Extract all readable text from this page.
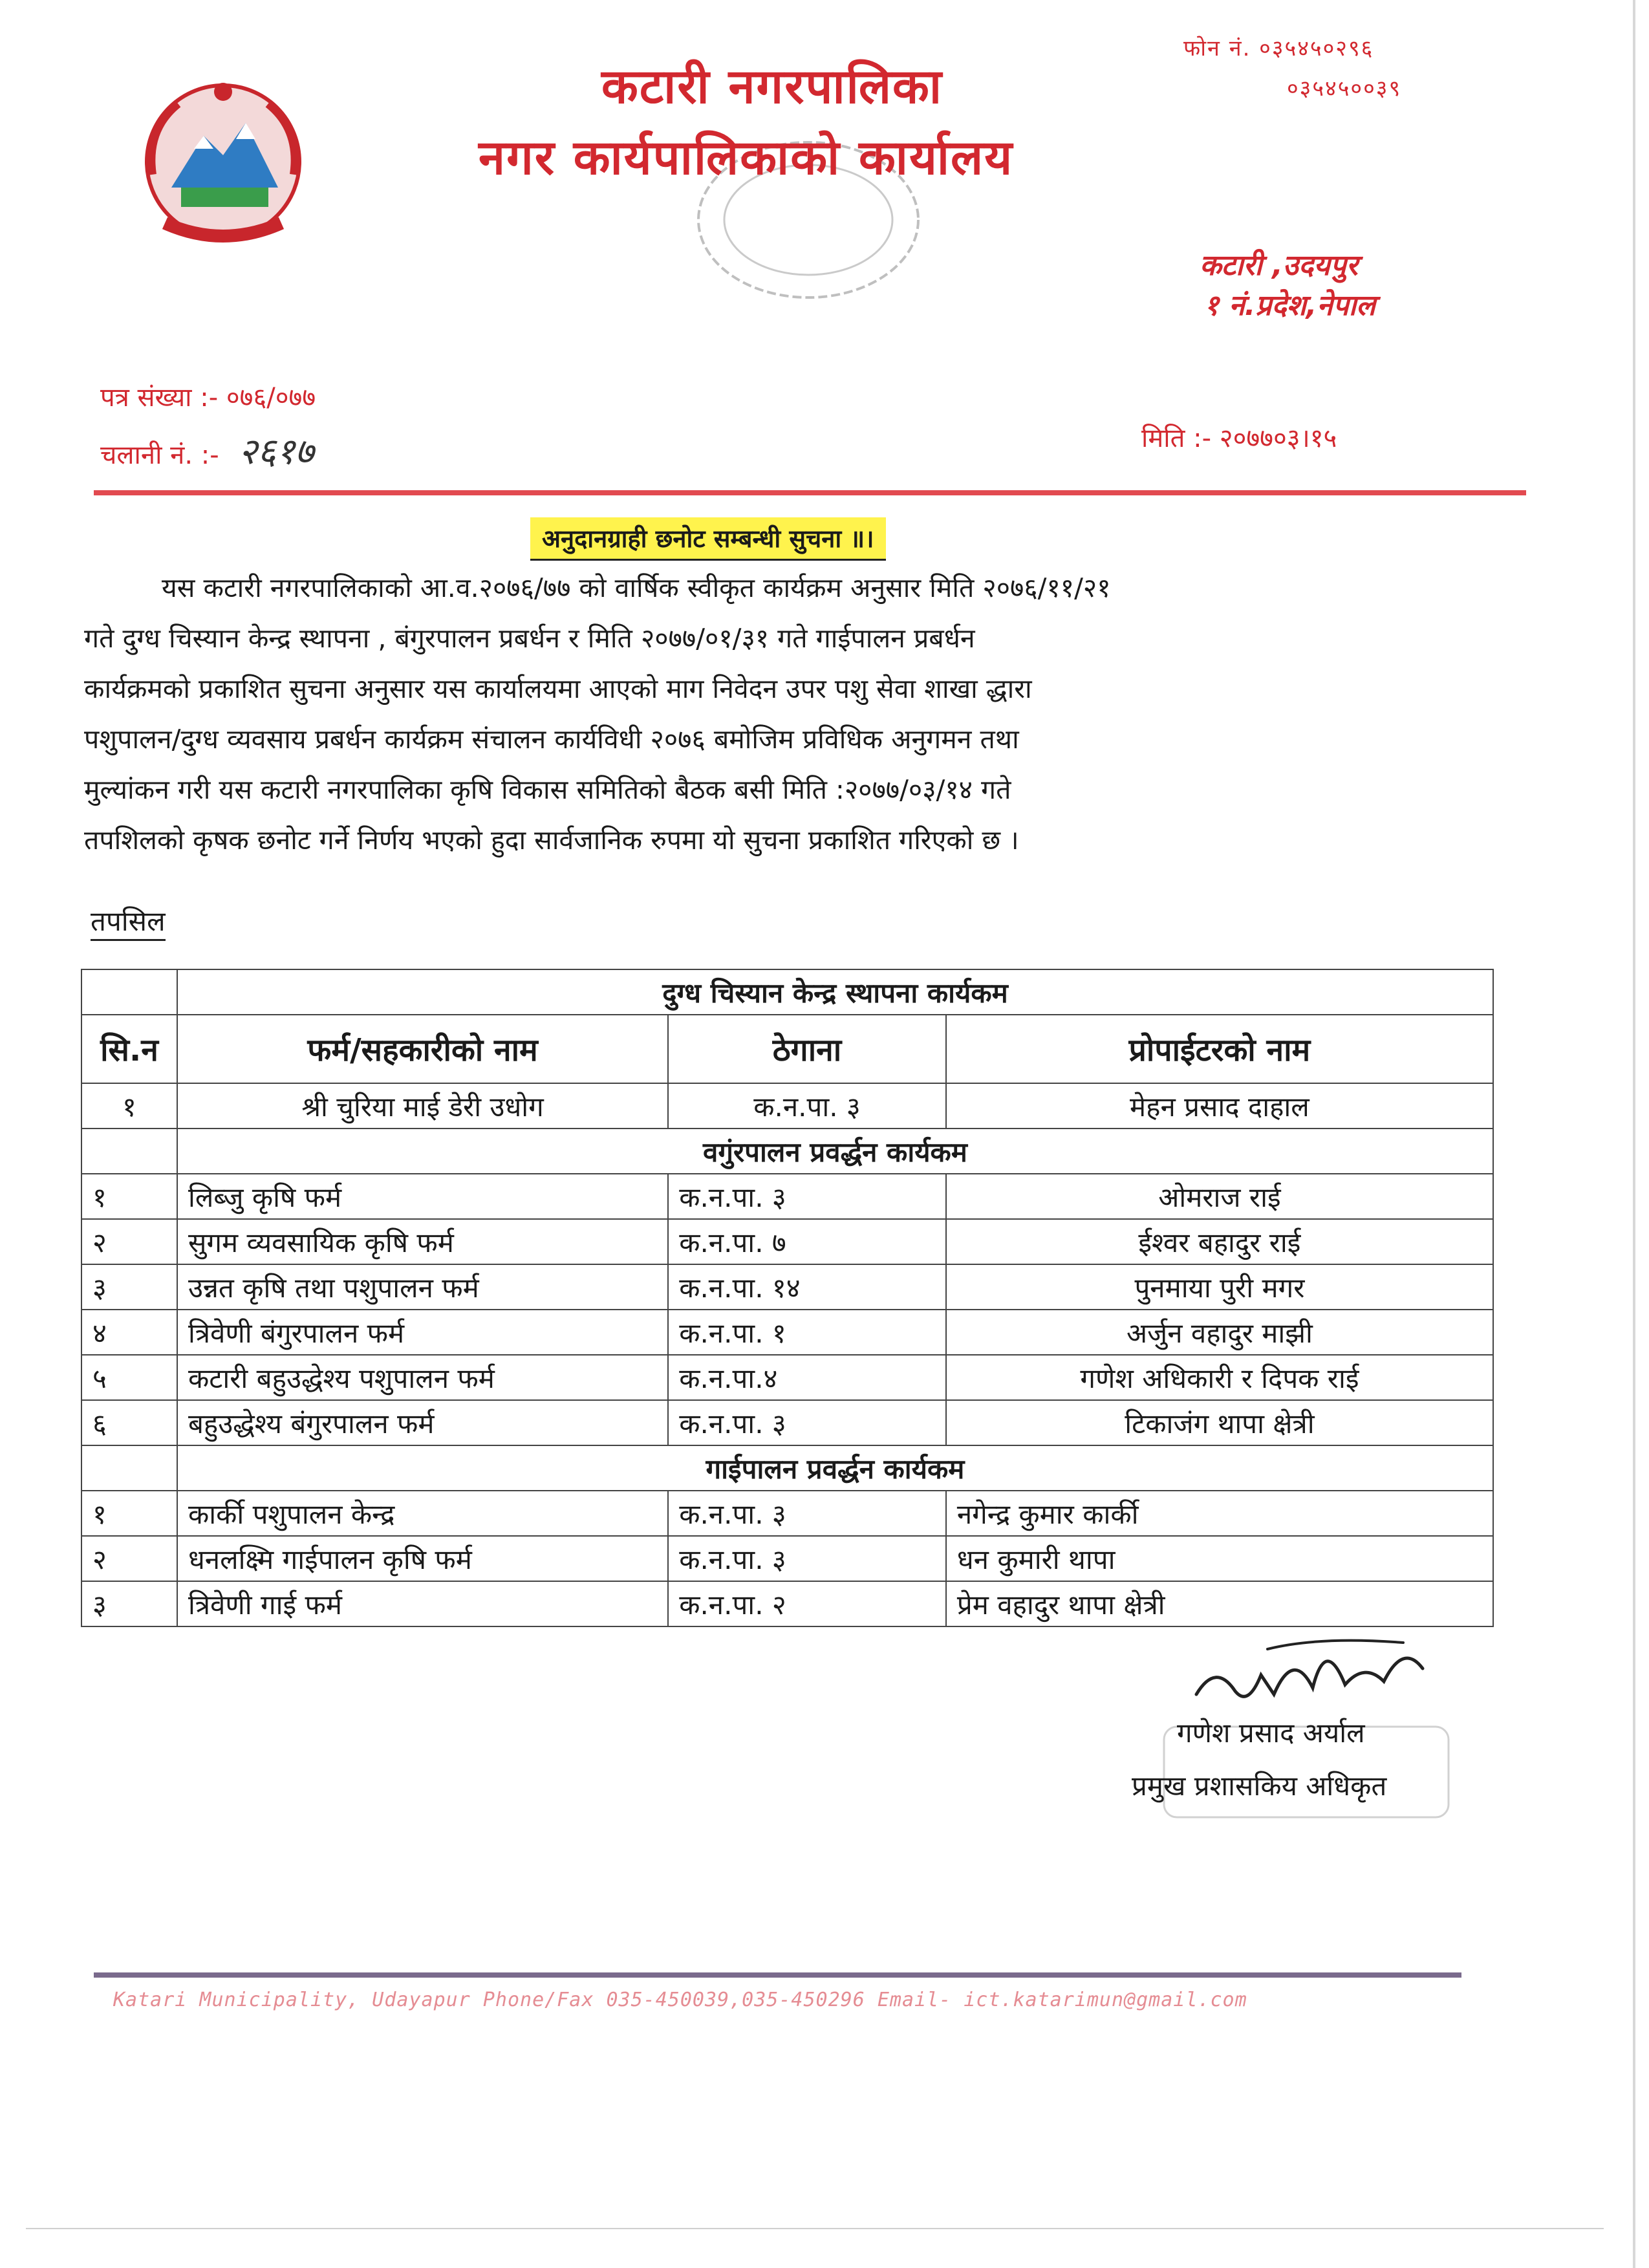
कटारी नगरपालिका
नगर कार्यपालिकाको कार्यालय
फोन नं. ०३५४५०२९६
०३५४५००३९
कटारी ,उदयपुर
१ नं.प्रदेश,नेपाल
पत्र संख्या :- ०७६/०७७
चलानी नं. :- २६१७	मिति :- २०७७०३।१५
अनुदानग्राही छनोट सम्बन्धी सुचना ॥।
यस कटारी नगरपालिकाको आ.व.२०७६/७७ को वार्षिक स्वीकृत कार्यक्रम अनुसार मिति २०७६/११/२१
गते दुग्ध चिस्यान केन्द्र स्थापना , बंगुरपालन प्रबर्धन र मिति २०७७/०१/३१ गते गाईपालन प्रबर्धन
कार्यक्रमको प्रकाशित सुचना अनुसार यस कार्यालयमा आएको माग निवेदन उपर पशु सेवा शाखा द्धारा
पशुपालन/दुग्ध व्यवसाय प्रबर्धन कार्यक्रम संचालन कार्यविधी २०७६ बमोजिम प्रविधिक अनुगमन तथा
मुल्यांकन गरी यस कटारी नगरपालिका कृषि विकास समितिको बैठक बसी मिति :२०७७/०३/१४ गते
तपशिलको कृषक छनोट गर्ने निर्णय भएको हुदा सार्वजानिक रुपमा यो सुचना प्रकाशित गरिएको छ ।
तपसिल
	दुग्ध चिस्यान केन्द्र स्थापना कार्यकम		
सि.न	फर्म/सहकारीको नाम	ठेगाना	प्रोपाईटरको नाम
१	श्री चुरिया माई डेरी उधोग	क.न.पा. ३	मेहन प्रसाद दाहाल
	वगुंरपालन प्रवर्द्धन कार्यकम		
१	लिब्जु कृषि फर्म	क.न.पा. ३	ओमराज राई
२	सुगम व्यवसायिक कृषि फर्म	क.न.पा. ७	ईश्वर बहादुर राई
३	उन्नत कृषि तथा पशुपालन फर्म	क.न.पा. १४	पुनमाया पुरी मगर
४	त्रिवेणी बंगुरपालन फर्म	क.न.पा. १	अर्जुन वहादुर माझी
५	कटारी बहुउद्धेश्य पशुपालन फर्म	क.न.पा.४	गणेश अधिकारी र दिपक राई
६	बहुउद्धेश्य बंगुरपालन फर्म	क.न.पा. ३	टिकाजंग थापा क्षेत्री
	गाईपालन प्रवर्द्धन कार्यकम		
१	कार्की पशुपालन केन्द्र	क.न.पा. ३	नगेन्द्र कुमार कार्की
२	धनलक्ष्मि गाईपालन कृषि फर्म	क.न.पा. ३	धन कुमारी थापा
३	त्रिवेणी गाई फर्म	क.न.पा. २	प्रेम वहादुर थापा क्षेत्री
गणेश प्रसाद अर्याल
प्रमुख प्रशासकिय अधिकृत
Katari Municipality, Udayapur Phone/Fax 035-450039,035-450296 Email- ict.katarimun@gmail.com
